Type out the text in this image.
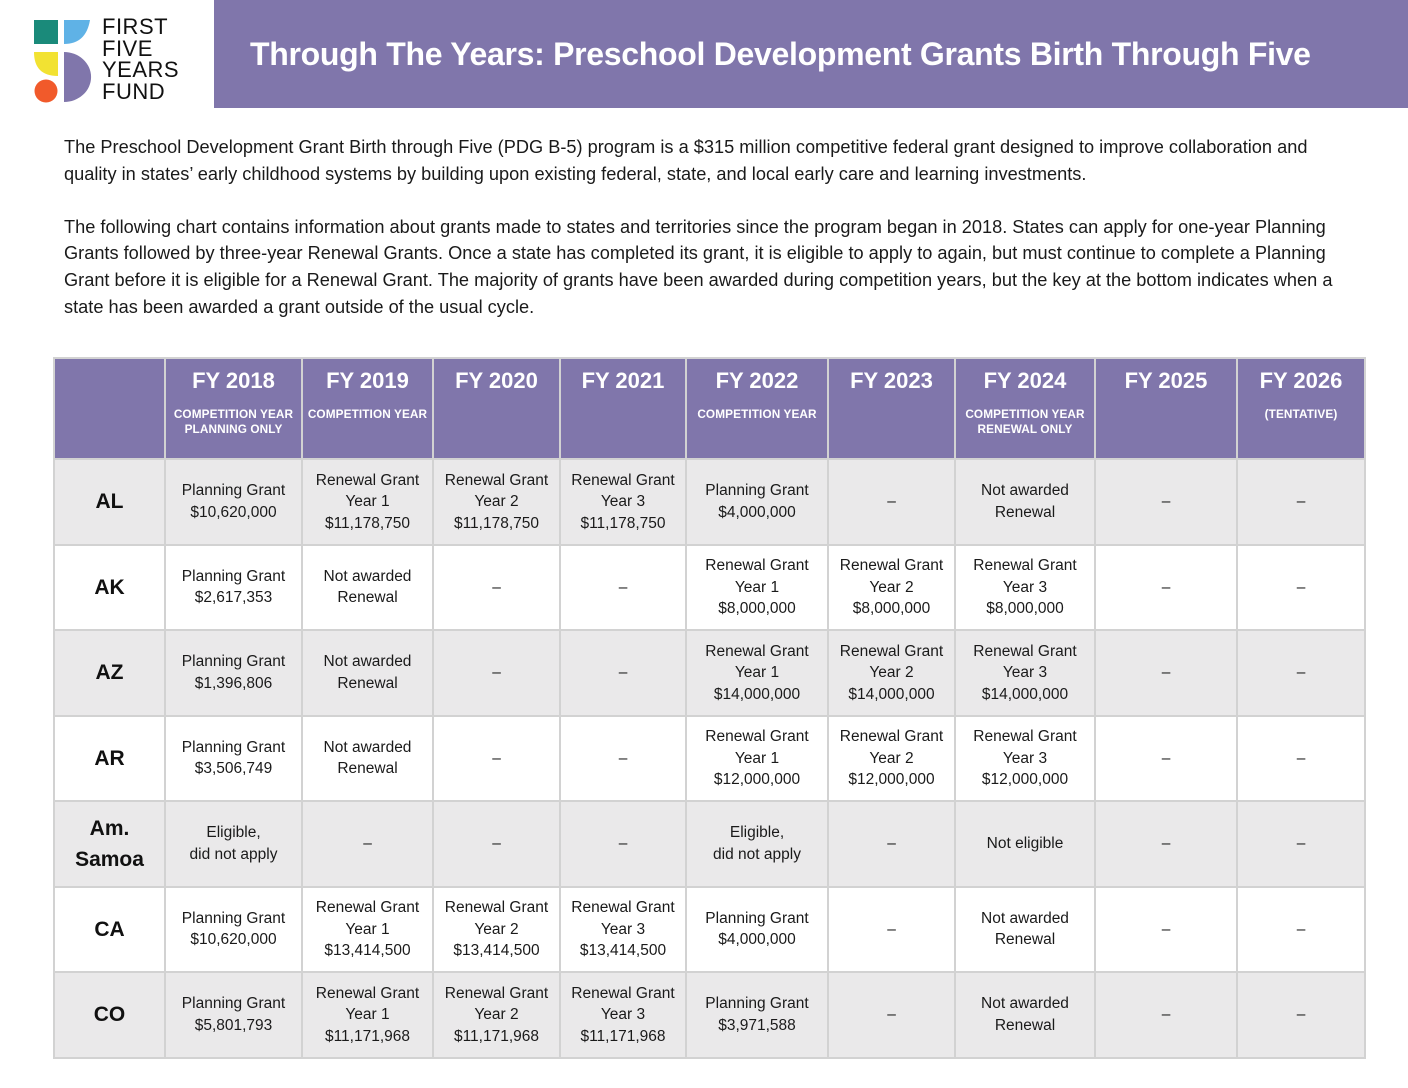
FIRST
FIVE
YEARS
FUND
Through The Years: Preschool Development Grants Birth Through Five

The Preschool Development Grant Birth through Five (PDG B-5) program is a $315 million competitive federal grant designed to improve collaboration and quality in states’ early childhood systems by building upon existing federal, state, and local early care and learning investments.

The following chart contains information about grants made to states and territories since the program began in 2018. States can apply for one-year Planning Grants followed by three-year Renewal Grants. Once a state has completed its grant, it is eligible to apply to again, but must continue to complete a Planning Grant before it is eligible for a Renewal Grant. The majority of grants have been awarded during competition years, but the key at the bottom indicates when a state has been awarded a grant outside of the usual cycle.

	FY 2018
COMPETITION YEAR
PLANNING ONLY	FY 2019
COMPETITION YEAR	FY 2020	FY 2021	FY 2022
COMPETITION YEAR	FY 2023	FY 2024
COMPETITION YEAR
RENEWAL ONLY	FY 2025	FY 2026
(TENTATIVE)

AL	Planning Grant
$10,620,000	Renewal Grant
Year 1
$11,178,750	Renewal Grant
Year 2
$11,178,750	Renewal Grant
Year 3
$11,178,750	Planning Grant
$4,000,000	–	Not awarded
Renewal	–	–

AK	Planning Grant
$2,617,353	Not awarded
Renewal	–	–	Renewal Grant
Year 1
$8,000,000	Renewal Grant
Year 2
$8,000,000	Renewal Grant
Year 3
$8,000,000	–	–

AZ	Planning Grant
$1,396,806	Not awarded
Renewal	–	–	Renewal Grant
Year 1
$14,000,000	Renewal Grant
Year 2
$14,000,000	Renewal Grant
Year 3
$14,000,000	–	–

AR	Planning Grant
$3,506,749	Not awarded
Renewal	–	–	Renewal Grant
Year 1
$12,000,000	Renewal Grant
Year 2
$12,000,000	Renewal Grant
Year 3
$12,000,000	–	–

Am.
Samoa	Eligible,
did not apply	–	–	–	Eligible,
did not apply	–	Not eligible	–	–

CA	Planning Grant
$10,620,000	Renewal Grant
Year 1
$13,414,500	Renewal Grant
Year 2
$13,414,500	Renewal Grant
Year 3
$13,414,500	Planning Grant
$4,000,000	–	Not awarded
Renewal	–	–

CO	Planning Grant
$5,801,793	Renewal Grant
Year 1
$11,171,968	Renewal Grant
Year 2
$11,171,968	Renewal Grant
Year 3
$11,171,968	Planning Grant
$3,971,588	–	Not awarded
Renewal	–	–
